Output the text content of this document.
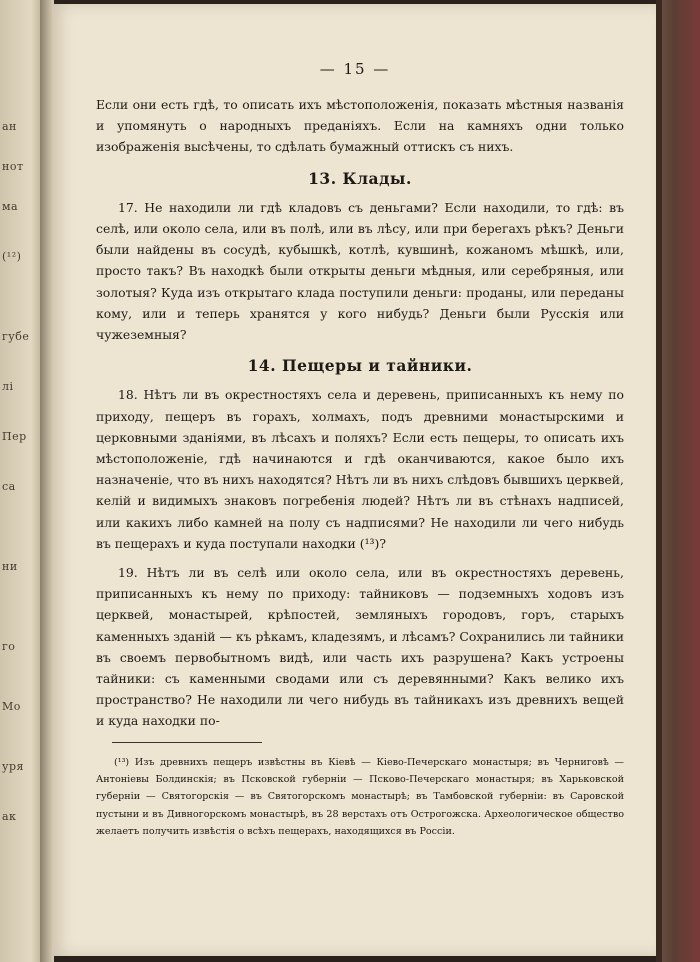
ан
нот
ма
(¹²)
губе
лі
Пер
са
ни
го
Мо
уря
ак
— 15 —

Если они есть гдѣ, то описать ихъ мѣстоположенія, показать мѣстныя названія и упомянуть о народныхъ преданіяхъ. Если на камняхъ одни только изображенія высѣчены, то сдѣлать бумажный оттискъ съ нихъ.

13. Клады.

17. Не находили ли гдѣ кладовъ съ деньгами? Если находили, то гдѣ: въ селѣ, или около села, или въ полѣ, или въ лѣсу, или при берегахъ рѣкъ? Деньги были найдены въ сосудѣ, кубышкѣ, котлѣ, кувшинѣ, кожаномъ мѣшкѣ, или, просто такъ? Въ находкѣ были открыты деньги мѣдныя, или серебряныя, или золотыя? Куда изъ открытаго клада поступили деньги: проданы, или переданы кому, или и теперь хранятся у кого нибудь? Деньги были Русскія или чужеземныя?

14. Пещеры и тайники.

18. Нѣтъ ли въ окрестностяхъ села и деревень, приписанныхъ къ нему по приходу, пещеръ въ горахъ, холмахъ, подъ древними монастырскими и церковными зданіями, въ лѣсахъ и поляхъ? Если есть пещеры, то описать ихъ мѣстоположеніе, гдѣ начинаются и гдѣ оканчиваются, какое было ихъ назначеніе, что въ нихъ находятся? Нѣтъ ли въ нихъ слѣдовъ бывшихъ церквей, келій и видимыхъ знаковъ погребенія людей? Нѣтъ ли въ стѣнахъ надписей, или какихъ либо камней на полу съ надписями? Не находили ли чего нибудь въ пещерахъ и куда поступали находки (¹³)?

19. Нѣтъ ли въ селѣ или около села, или въ окрестностяхъ деревень, приписанныхъ къ нему по приходу: тайниковъ — подземныхъ ходовъ изъ церквей, монастырей, крѣпостей, земляныхъ городовъ, горъ, старыхъ каменныхъ зданій — къ рѣкамъ, кладезямъ, и лѣсамъ? Сохранились ли тайники въ своемъ первобытномъ видѣ, или часть ихъ разрушена? Какъ устроены тайники: съ каменными сводами или съ деревянными? Какъ велико ихъ пространство? Не находили ли чего нибудь въ тайникахъ изъ древнихъ вещей и куда находки по-

(¹³) Изъ древнихъ пещеръ извѣстны въ Кіевѣ — Кіево-Печерскаго монастыря; въ Черниговѣ — Антоніевы Болдинскія; въ Псковской губерніи — Псково-Печерскаго монастыря; въ Харьковской губерніи — Святогорскія — въ Святогорскомъ монастырѣ; въ Тамбовской губерніи: въ Саровской пустыни и въ Дивногорскомъ монастырѣ, въ 28 верстахъ отъ Острогожска. Археологическое общество желаетъ получить извѣстія о всѣхъ пещерахъ, находящихся въ Россіи.
